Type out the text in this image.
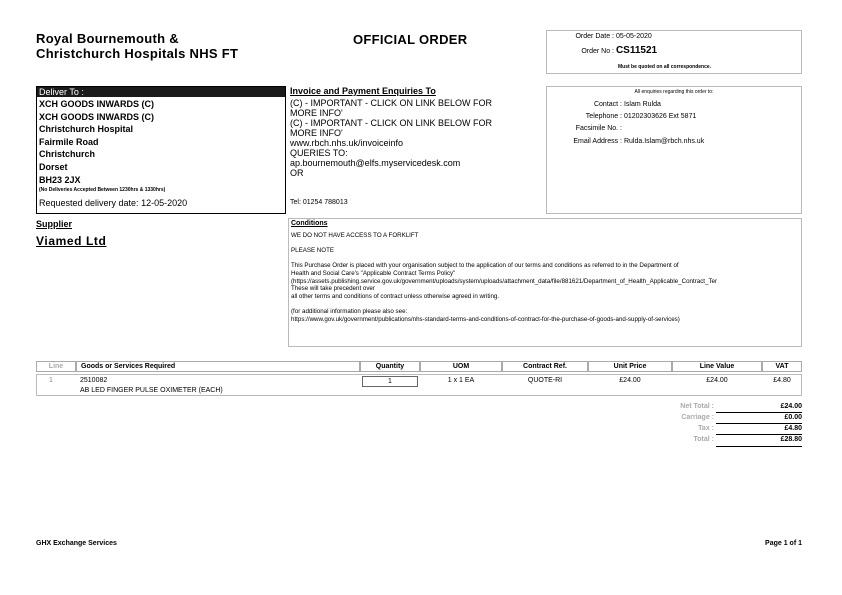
Royal Bournemouth &
Christchurch Hospitals NHS FT
OFFICIAL ORDER	Order Date : 05-05-2020
Order No : CS11521
Must be quoted on all correspondence.
Deliver To :
XCH GOODS INWARDS (C)
XCH GOODS INWARDS (C)
Christchurch Hospital
Fairmile Road
Christchurch
Dorset
BH23 2JX
(No Deliveries Accepted Between 1230hrs & 1330hrs)
Requested delivery date: 12-05-2020
Invoice and Payment Enquiries To
(C) - IMPORTANT - CLICK ON LINK BELOW FOR
MORE INFO'
(C) - IMPORTANT - CLICK ON LINK BELOW FOR
MORE INFO'
www.rbch.nhs.uk/invoiceinfo
QUERIES TO:
ap.bournemouth@elfs.myservicedesk.com
OR
Tel: 01254 788013
All enquiries regarding this order to:
Contact : Islam Rulda
Telephone : 01202303626 Ext 5871
Facsimile No. :
Email Address : Rulda.Islam@rbch.nhs.uk
Supplier
Viamed Ltd
Conditions
WE DO NOT HAVE ACCESS TO A FORKLIFT

PLEASE NOTE

This Purchase Order is placed with your organisation subject to the application of our terms and conditions as referred to in the Department of
Health and Social Care's "Applicable Contract Terms Policy"
(https://assets.publishing.service.gov.uk/government/uploads/system/uploads/attachment_data/file/881621/Department_of_Health_Applicable_Contract_Ter
These will take precedent over
all other terms and conditions of contract unless otherwise agreed in writing.

(for additional information please also see:
https://www.gov.uk/government/publications/nhs-standard-terms-and-conditions-of-contract-for-the-purchase-of-goods-and-supply-of-services)
Line	Goods or Services Required	Quantity	UOM	Contract Ref.	Unit Price	Line Value	VAT
1	2510082
AB LED FINGER PULSE OXIMETER (EACH)
1	1 x 1 EA	QUOTE-RI	£24.00	£24.00	£4.80
Net Total :	£24.00
Carriage :	£0.00
Tax :	£4.80
Total :	£28.80
GHX Exchange Services	Page 1 of 1
